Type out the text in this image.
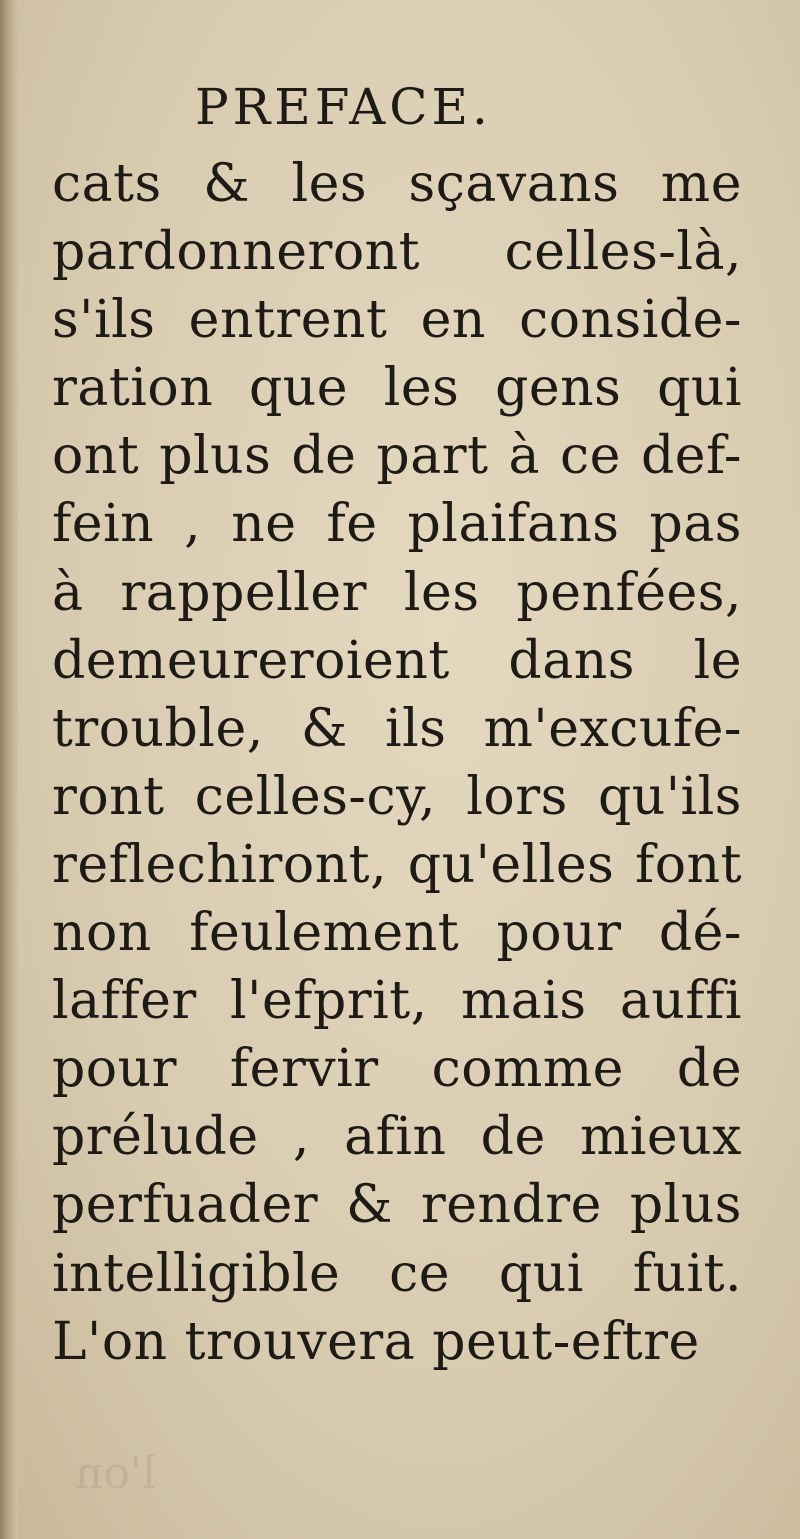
PREFACE.
cats & les sçavans me
pardonneront celles-là,
s'ils entrent en conside-
ration que les gens qui
ont plus de part à ce def-
fein , ne fe plaifans pas
à rappeller les penfées,
demeureroient dans le
trouble, & ils m'excufe-
ront celles-cy, lors qu'ils
reflechiront, qu'elles font
non feulement pour dé-
laffer l'efprit, mais auffi
pour fervir comme de
prélude , afin de mieux
perfuader & rendre plus
intelligible ce qui fuit.
L'on trouvera peut-eftre
l'on
